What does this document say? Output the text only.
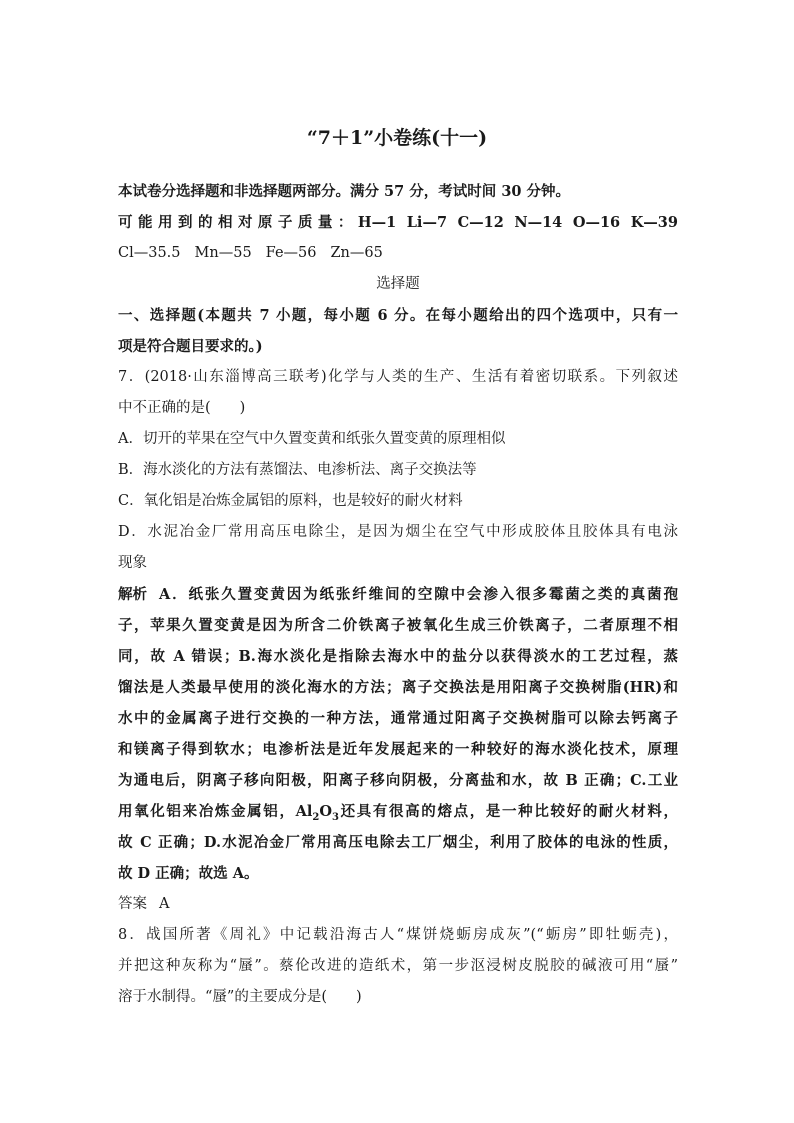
“7＋1”小卷练(十一)
本试卷分选择题和非选择题两部分。满分 57 分，考试时间 30 分钟。
可能用到的相对原子质量：H—1 Li—7 C—12 N—14 O—16 K—39
Cl—35.5 Mn—55 Fe—56 Zn—65
选择题
一、选择题(本题共 7 小题，每小题 6 分。在每小题给出的四个选项中，只有一
项是符合题目要求的。)
7．(2018·山东淄博高三联考)化学与人类的生产、生活有着密切联系。下列叙述
中不正确的是(　　)
A．切开的苹果在空气中久置变黄和纸张久置变黄的原理相似
B．海水淡化的方法有蒸馏法、电渗析法、离子交换法等
C．氧化铝是冶炼金属铝的原料，也是较好的耐火材料
D．水泥冶金厂常用高压电除尘，是因为烟尘在空气中形成胶体且胶体具有电泳
现象
解析 A．纸张久置变黄因为纸张纤维间的空隙中会渗入很多霉菌之类的真菌孢
子，苹果久置变黄是因为所含二价铁离子被氧化生成三价铁离子，二者原理不相
同，故 A 错误；B.海水淡化是指除去海水中的盐分以获得淡水的工艺过程，蒸
馏法是人类最早使用的淡化海水的方法；离子交换法是用阳离子交换树脂(HR)和
水中的金属离子进行交换的一种方法，通常通过阳离子交换树脂可以除去钙离子
和镁离子得到软水；电渗析法是近年发展起来的一种较好的海水淡化技术，原理
为通电后，阴离子移向阳极，阳离子移向阴极，分离盐和水，故 B 正确；C.工业
用氧化铝来冶炼金属铝，$Al_2O_3$还具有很高的熔点，是一种比较好的耐火材料，
故 C 正确；D.水泥冶金厂常用高压电除去工厂烟尘，利用了胶体的电泳的性质，
故 D 正确；故选 A。
答案 A
8．战国所著《周礼》中记载沿海古人“煤饼烧蛎房成灰”(“蛎房”即牡蛎壳)，
并把这种灰称为“蜃”。蔡伦改进的造纸术，第一步沤浸树皮脱胶的碱液可用“蜃”
溶于水制得。“蜃”的主要成分是(　　)
